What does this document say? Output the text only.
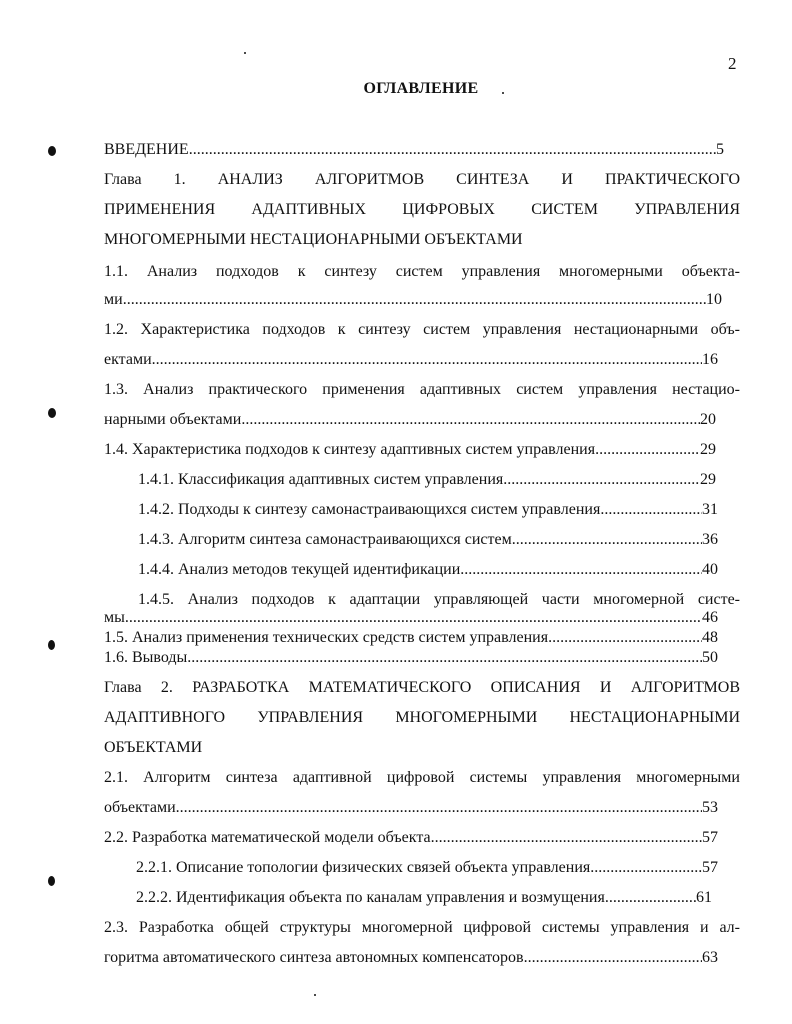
2
ОГЛАВЛЕНИЕ
ВВЕДЕНИЕ .....	5
Глава 1. АНАЛИЗ АЛГОРИТМОВ СИНТЕЗА И ПРАКТИЧЕСКОГО
ПРИМЕНЕНИЯ АДАПТИВНЫХ ЦИФРОВЫХ СИСТЕМ УПРАВЛЕНИЯ
МНОГОМЕРНЫМИ НЕСТАЦИОНАРНЫМИ ОБЪЕКТАМИ
1.1. Анализ подходов к синтезу систем управления многомерными объекта-
ми .....	10
1.2. Характеристика подходов к синтезу систем управления нестационарными объ-
ектами .....	16
1.3. Анализ практического применения адаптивных систем управления нестацио-
нарными объектами .....	20
1.4. Характеристика подходов к синтезу адаптивных систем управления .....	29
1.4.1. Классификация адаптивных систем управления .....	29
1.4.2. Подходы к синтезу самонастраивающихся систем управления .....	31
1.4.3. Алгоритм синтеза самонастраивающихся систем .....	36
1.4.4. Анализ методов текущей идентификации .....	40
1.4.5. Анализ подходов к адаптации управляющей части многомерной систе-
мы .....	46
1.5. Анализ применения технических средств систем управления .....	48
1.6. Выводы .....	50
Глава 2. РАЗРАБОТКА МАТЕМАТИЧЕСКОГО ОПИСАНИЯ И АЛГОРИТМОВ
АДАПТИВНОГО УПРАВЛЕНИЯ МНОГОМЕРНЫМИ НЕСТАЦИОНАРНЫМИ
ОБЪЕКТАМИ
2.1. Алгоритм синтеза адаптивной цифровой системы управления многомерными
объектами .....	53
2.2. Разработка математической модели объекта .....	57
2.2.1. Описание топологии физических связей объекта управления .....	57
2.2.2. Идентификация объекта по каналам управления и возмущения .....	61
2.3. Разработка общей структуры многомерной цифровой системы управления и ал-
горитма автоматического синтеза автономных компенсаторов .....	63
